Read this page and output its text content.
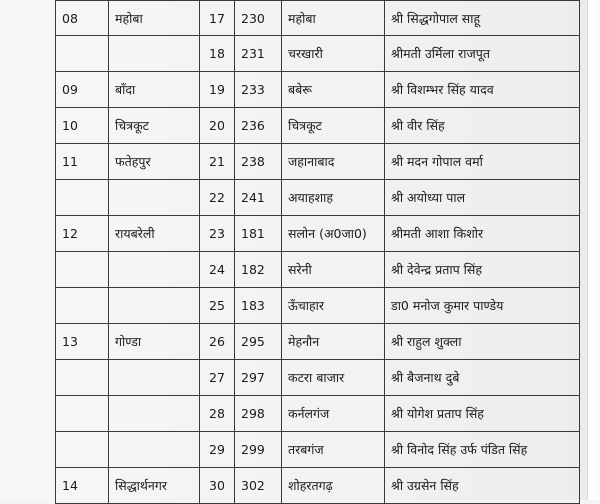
08	महोबा	17	230	महोबा	श्री सिद्धगोपाल साहू
		18	231	चरखारी	श्रीमती उर्मिला राजपूत
09	बाँदा	19	233	बबेरू	श्री विशम्भर सिंह यादव
10	चित्रकूट	20	236	चित्रकूट	श्री वीर सिंह
11	फतेहपुर	21	238	जहानाबाद	श्री मदन गोपाल वर्मा
		22	241	अयाहशाह	श्री अयोध्या पाल
12	रायबरेली	23	181	सलोन (अ0जा0)	श्रीमती आशा किशोर
		24	182	सरेनी	श्री देवेन्द्र प्रताप सिंह
		25	183	ऊँचाहार	डा0 मनोज कुमार पाण्डेय
13	गोण्डा	26	295	मेहनौन	श्री राहुल शुक्ला
		27	297	कटरा बाजार	श्री बैजनाथ दुबे
		28	298	कर्नलगंज	श्री योगेश प्रताप सिंह
		29	299	तरबगंज	श्री विनोद सिंह उर्फ पंडित सिंह
14	सिद्धार्थनगर	30	302	शोहरतगढ़	श्री उग्रसेन सिंह
